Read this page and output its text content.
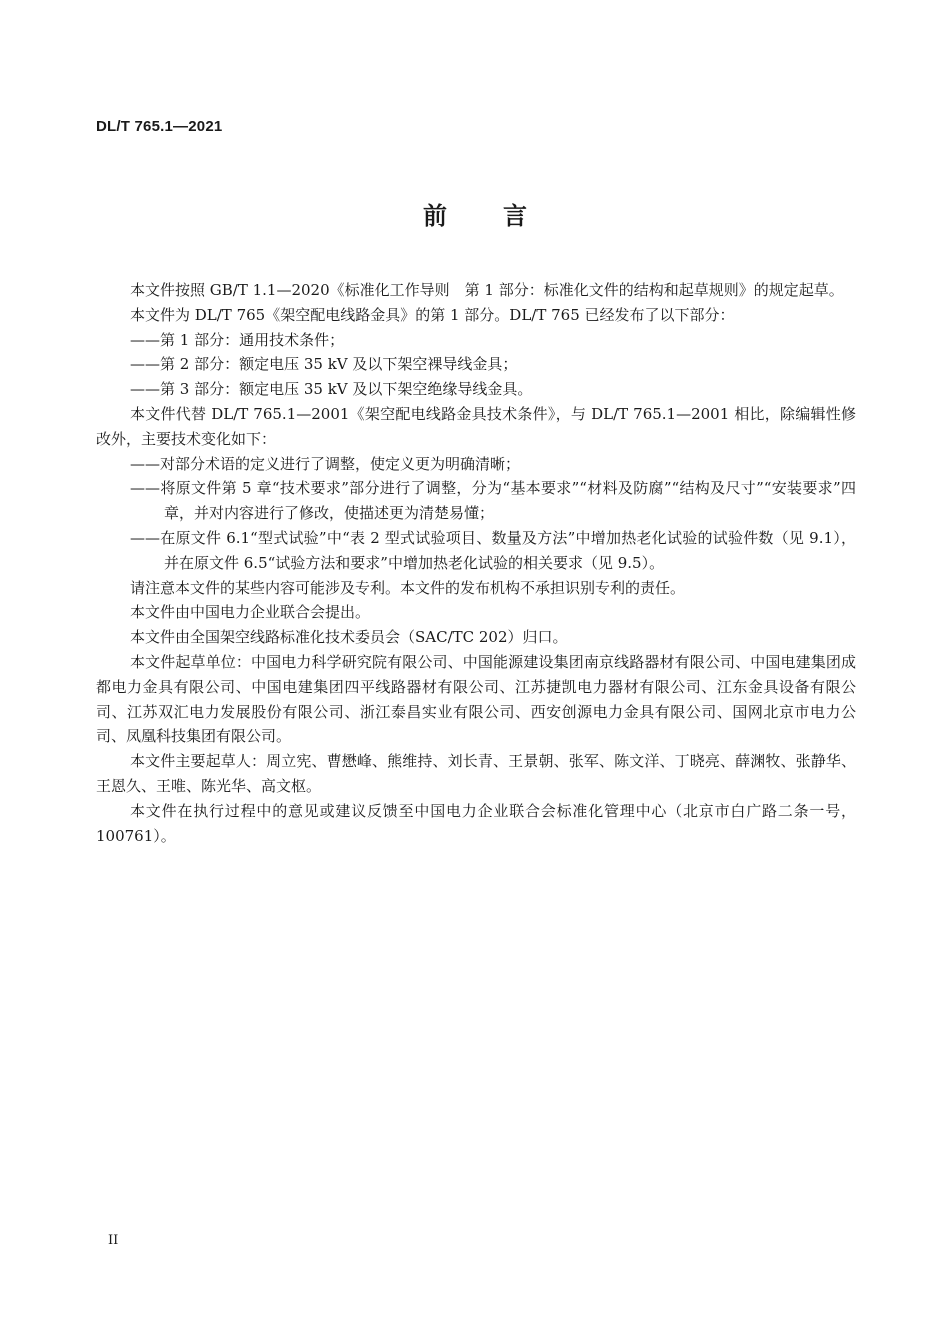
DL/T 765.1—2021
前言

本文件按照 GB/T 1.1—2020《标准化工作导则　第 1 部分：标准化文件的结构和起草规则》的规定起草。

本文件为 DL/T 765《架空配电线路金具》的第 1 部分。DL/T 765 已经发布了以下部分：

——第 1 部分：通用技术条件；

——第 2 部分：额定电压 35 kV 及以下架空裸导线金具；

——第 3 部分：额定电压 35 kV 及以下架空绝缘导线金具。

本文件代替 DL/T 765.1—2001《架空配电线路金具技术条件》，与 DL/T 765.1—2001 相比，除编辑性修改外，主要技术变化如下：

——对部分术语的定义进行了调整，使定义更为明确清晰；

——将原文件第 5 章“技术要求”部分进行了调整，分为“基本要求”“材料及防腐”“结构及尺寸”“安装要求”四章，并对内容进行了修改，使描述更为清楚易懂；

——在原文件 6.1“型式试验”中“表 2 型式试验项目、数量及方法”中增加热老化试验的试验件数（见 9.1），并在原文件 6.5“试验方法和要求”中增加热老化试验的相关要求（见 9.5）。

请注意本文件的某些内容可能涉及专利。本文件的发布机构不承担识别专利的责任。

本文件由中国电力企业联合会提出。

本文件由全国架空线路标准化技术委员会（SAC/TC 202）归口。

本文件起草单位：中国电力科学研究院有限公司、中国能源建设集团南京线路器材有限公司、中国电建集团成都电力金具有限公司、中国电建集团四平线路器材有限公司、江苏捷凯电力器材有限公司、江东金具设备有限公司、江苏双汇电力发展股份有限公司、浙江泰昌实业有限公司、西安创源电力金具有限公司、国网北京市电力公司、凤凰科技集团有限公司。

本文件主要起草人：周立宪、曹懋峰、熊维持、刘长青、王景朝、张军、陈文洋、丁晓亮、薛渊牧、张静华、王恩久、王唯、陈光华、高文枢。

本文件在执行过程中的意见或建议反馈至中国电力企业联合会标准化管理中心（北京市白广路二条一号，100761）。

II
